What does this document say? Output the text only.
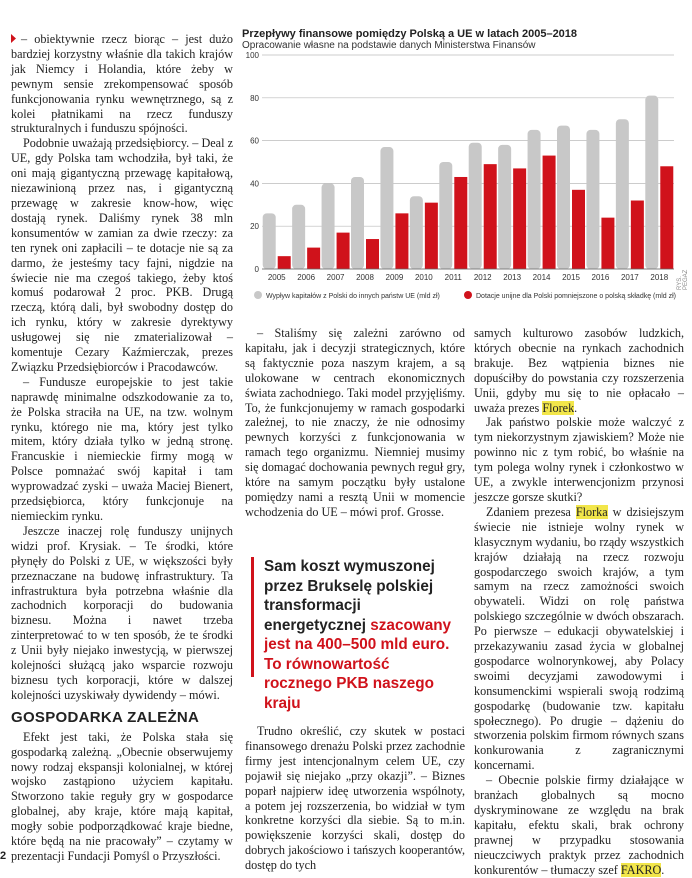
– obiektywnie rzecz biorąc – jest dużo bardziej korzystny właśnie dla takich krajów jak Niemcy i Holandia, które żeby w pewnym sensie zrekompensować sposób funkcjonowania rynku wewnętrznego, są z kolei płatnikami na rzecz funduszy strukturalnych i funduszu spójności.

Podobnie uważają przedsiębiorcy. – Deal z UE, gdy Polska tam wchodziła, był taki, że oni mają gigantyczną przewagę kapitałową, niezawinioną przez nas, i gigantyczną przewagę w zakresie know-how, więc dostają rynek. Daliśmy rynek 38 mln konsumentów w zamian za dwie rzeczy: za ten rynek oni zapłacili – te dotacje nie są za darmo, że jesteśmy tacy fajni, nigdzie na świecie nie ma czegoś takiego, żeby ktoś komuś podarował 2 proc. PKB. Drugą rzeczą, którą dali, był swobodny dostęp do ich rynku, który w zakresie dyrektywy usługowej się nie zmaterializował – komentuje Cezary Kaźmierczak, prezes Związku Przedsiębiorców i Pracodawców.

– Fundusze europejskie to jest takie naprawdę minimalne odszkodowanie za to, że Polska straciła na UE, na tzw. wolnym rynku, którego nie ma, który jest tylko mitem, który działa tylko w jedną stronę. Francuskie i niemieckie firmy mogą w Polsce pomnażać swój kapitał i tam wyprowadzać zyski – uważa Maciej Bienert, przedsiębiorca, który funkcjonuje na niemieckim rynku.

Jeszcze inaczej rolę funduszy unijnych widzi prof. Krysiak. – Te środki, które płynęły do Polski z UE, w większości były przeznaczane na budowę infrastruktury. Ta infrastruktura była potrzebna właśnie dla zachodnich korporacji do budowania biznesu. Można i nawet trzeba zinterpretować to w ten sposób, że te środki z Unii były niejako inwestycją, w pierwszej kolejności służącą jako wsparcie rozwoju biznesu tych korporacji, które w dalszej kolejności uzyskiwały dywidendy – mówi.

GOSPODARKA ZALEŻNA

Efekt jest taki, że Polska stała się gospodarką zależną. „Obecnie obserwujemy nowy rodzaj ekspansji kolonialnej, w której wojsko zastąpiono użyciem kapitału. Stworzono takie reguły gry w gospodarce globalnej, aby kraje, które mają kapitał, mogły sobie podporządkować kraje biedne, które będą na nie pracowały” – czytamy w prezentacji Fundacji Pomyśl o Przyszłości.

Przepływy finansowe pomiędzy Polską a UE w latach 2005–2018

Opracowanie własne na podstawie danych Ministerstwa Finansów

0
20
40
60
80
100
2005 2006 2007 2008 2009 2010 2011 2012 2013 2014 2015 2016 2017 2018
Wypływ kapitałów z Polski do innych państw UE (mld zł)	Dotacje unijne dla Polski pomniejszone o polską składkę (mld zł)

– Staliśmy się zależni zarówno od kapitału, jak i decyzji strategicznych, które są faktycznie poza naszym krajem, a są ulokowane w centrach ekonomicznych świata zachodniego. Taki model przyjęliśmy. To, że funkcjonujemy w ramach gospodarki zależnej, to nie znaczy, że nie odnosimy pewnych korzyści z funkcjonowania w ramach tego organizmu. Niemniej musimy się domagać dochowania pewnych reguł gry, które na samym początku były ustalone pomiędzy nami a resztą Unii w momencie wchodzenia do UE – mówi prof. Grosse.

Sam koszt wymuszonej przez Brukselę polskiej transformacji energetycznej szacowany jest na 400–500 mld euro. To równowartość rocznego PKB naszego kraju

Trudno określić, czy skutek w postaci finansowego drenażu Polski przez zachodnie firmy jest intencjonalnym celem UE, czy pojawił się niejako „przy okazji”. – Biznes poparł najpierw ideę utworzenia wspólnoty, a potem jej rozszerzenia, bo widział w tym konkretne korzyści dla siebie. Są to m.in. powiększenie korzyści skali, dostęp do dobrych jakościowo i tańszych kooperantów, dostęp do tych

samych kulturowo zasobów ludzkich, których obecnie na rynkach zachodnich brakuje. Bez wątpienia biznes nie dopuściłby do powstania czy rozszerzenia Unii, gdyby mu się to nie opłacało – uważa prezes Florek.

Jak państwo polskie może walczyć z tym niekorzystnym zjawiskiem? Może nie powinno nic z tym robić, bo właśnie na tym polega wolny rynek i członkostwo w UE, a zwykle interwencjonizm przynosi jeszcze gorsze skutki?

Zdaniem prezesa Florka w dzisiejszym świecie nie istnieje wolny rynek w klasycznym wydaniu, bo rządy wszystkich krajów działają na rzecz rozwoju gospodarczego swoich krajów, a tym samym na rzecz zamożności swoich obywateli. Widzi on rolę państwa polskiego szczególnie w dwóch obszarach. Po pierwsze – edukacji obywatelskiej i przekazywaniu zasad życia w globalnej gospodarce wolnorynkowej, aby Polacy swoimi decyzjami zawodowymi i konsumenckimi wspierali swoją rodzimą gospodarkę (budowanie tzw. kapitału społecznego). Po drugie – dążeniu do stworzenia polskim firmom równych szans konkurowania z zagranicznymi koncernami.

– Obecnie polskie firmy działające w branżach globalnych są mocno dyskryminowane ze względu na brak kapitału, efektu skali, brak ochrony prawnej w przypadku stosowania nieuczciwych praktyk przez zachodnich konkurentów – tłumaczy szef FAKRO.

2
RYS. PEGAZ
